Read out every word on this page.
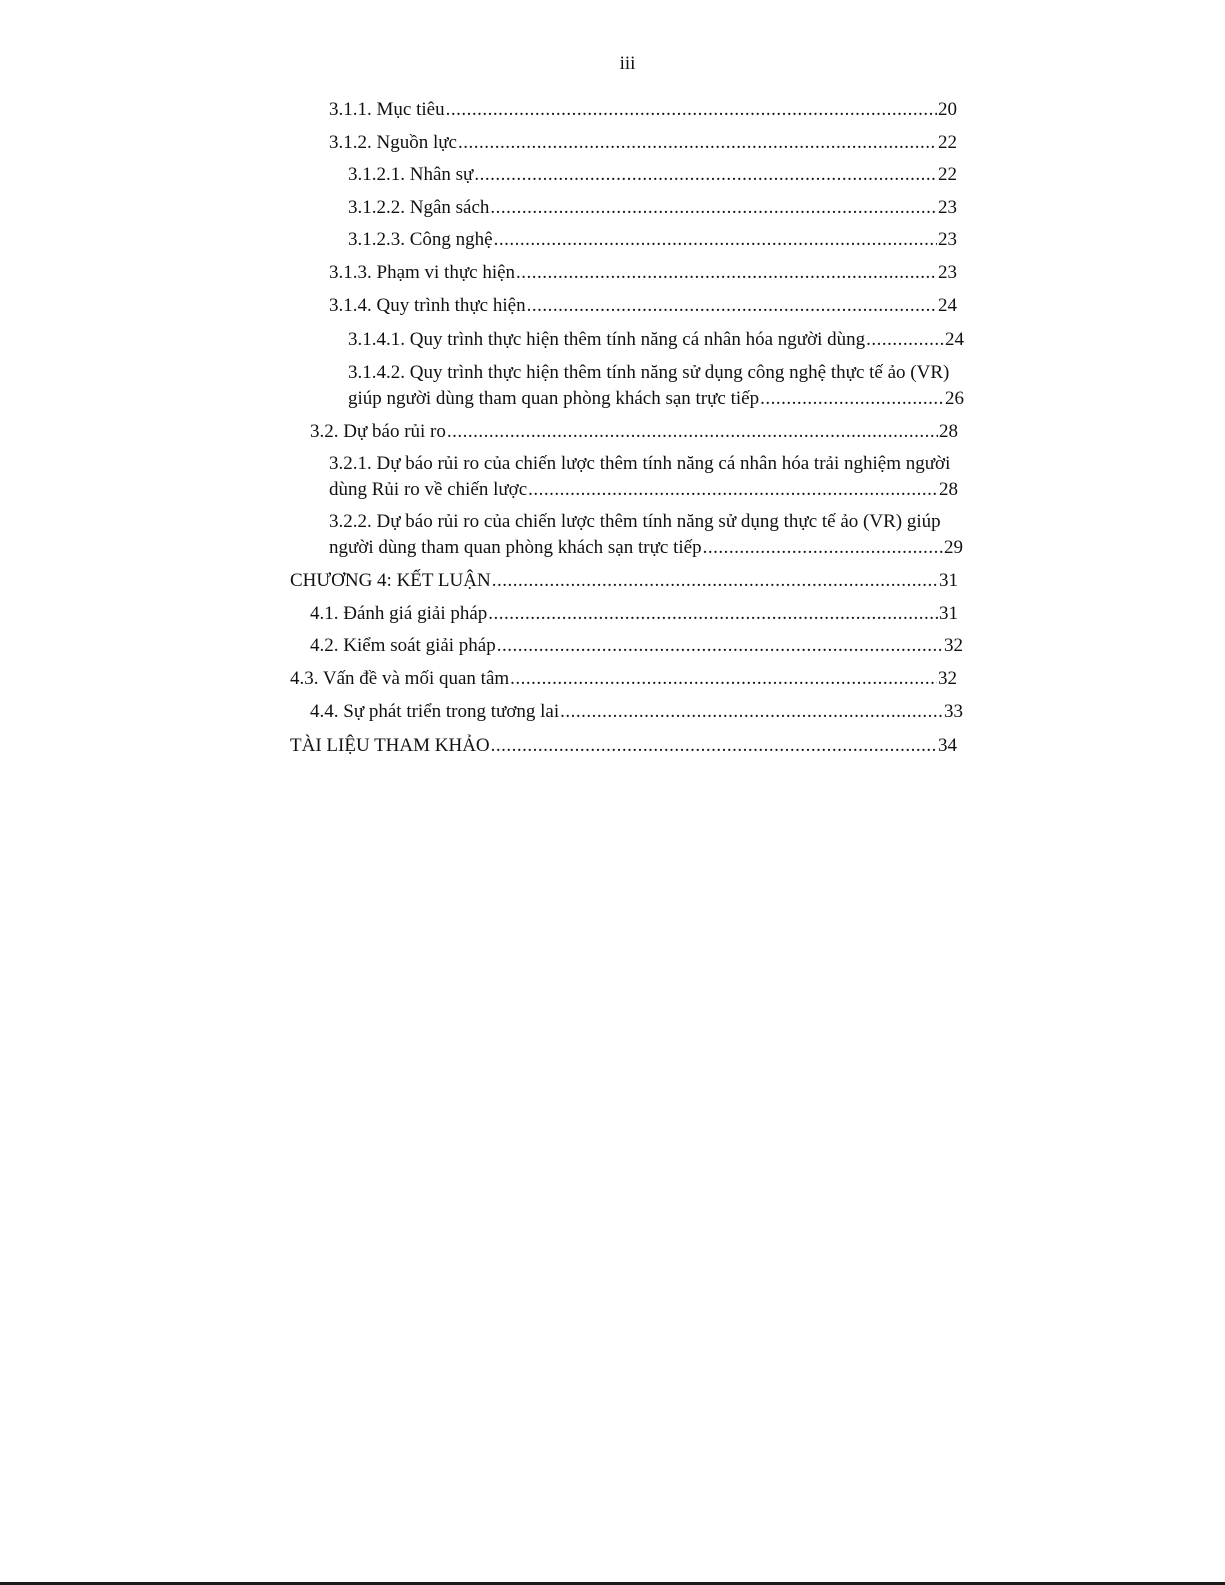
iii
3.1.1. Mục tiêu .....	20
3.1.2. Nguồn lực .....	22
3.1.2.1. Nhân sự .....	22
3.1.2.2. Ngân sách .....	23
3.1.2.3. Công nghệ .....	23
3.1.3. Phạm vi thực hiện .....	23
3.1.4. Quy trình thực hiện .....	24
3.1.4.1. Quy trình thực hiện thêm tính năng cá nhân hóa người dùng .....	24
3.1.4.2. Quy trình thực hiện thêm tính năng sử dụng công nghệ thực tế ảo (VR)
giúp người dùng tham quan phòng khách sạn trực tiếp .....	26
3.2. Dự báo rủi ro .....	28
3.2.1. Dự báo rủi ro của chiến lược thêm tính năng cá nhân hóa trải nghiệm người
dùng Rủi ro về chiến lược .....	28
3.2.2. Dự báo rủi ro của chiến lược thêm tính năng sử dụng thực tế ảo (VR) giúp
người dùng tham quan phòng khách sạn trực tiếp .....	29
CHƯƠNG 4: KẾT LUẬN .....	31
4.1. Đánh giá giải pháp .....	31
4.2. Kiểm soát giải pháp .....	32
4.3. Vấn đề và mối quan tâm .....	32
4.4. Sự phát triển trong tương lai .....	33
TÀI LIỆU THAM KHẢO .....	34
